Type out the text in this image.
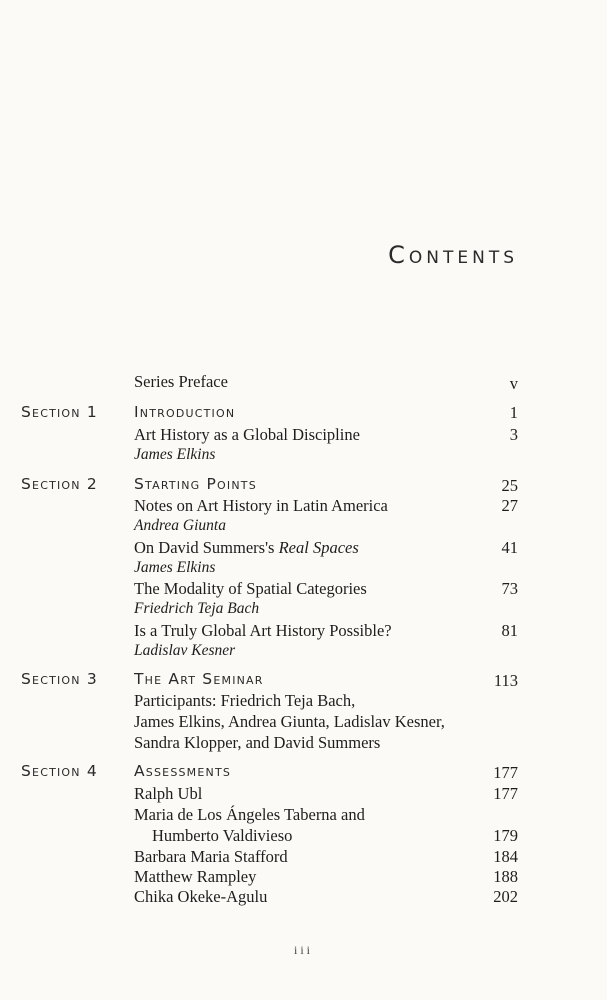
Contents
Series Preface	v
Section 1 Introduction	1
Art History as a Global Discipline	3
James Elkins
Section 2 Starting Points	25
Notes on Art History in Latin America	27
Andrea Giunta
On David Summers's Real Spaces	41
James Elkins
The Modality of Spatial Categories	73
Friedrich Teja Bach
Is a Truly Global Art History Possible?	81
Ladislav Kesner
Section 3 The Art Seminar	113
Participants: Friedrich Teja Bach,
James Elkins, Andrea Giunta, Ladislav Kesner,
Sandra Klopper, and David Summers
Section 4 Assessments	177
Ralph Ubl	177
Maria de Los Ángeles Taberna and
Humberto Valdivieso	179
Barbara Maria Stafford	184
Matthew Rampley	188
Chika Okeke-Agulu	202
iii
